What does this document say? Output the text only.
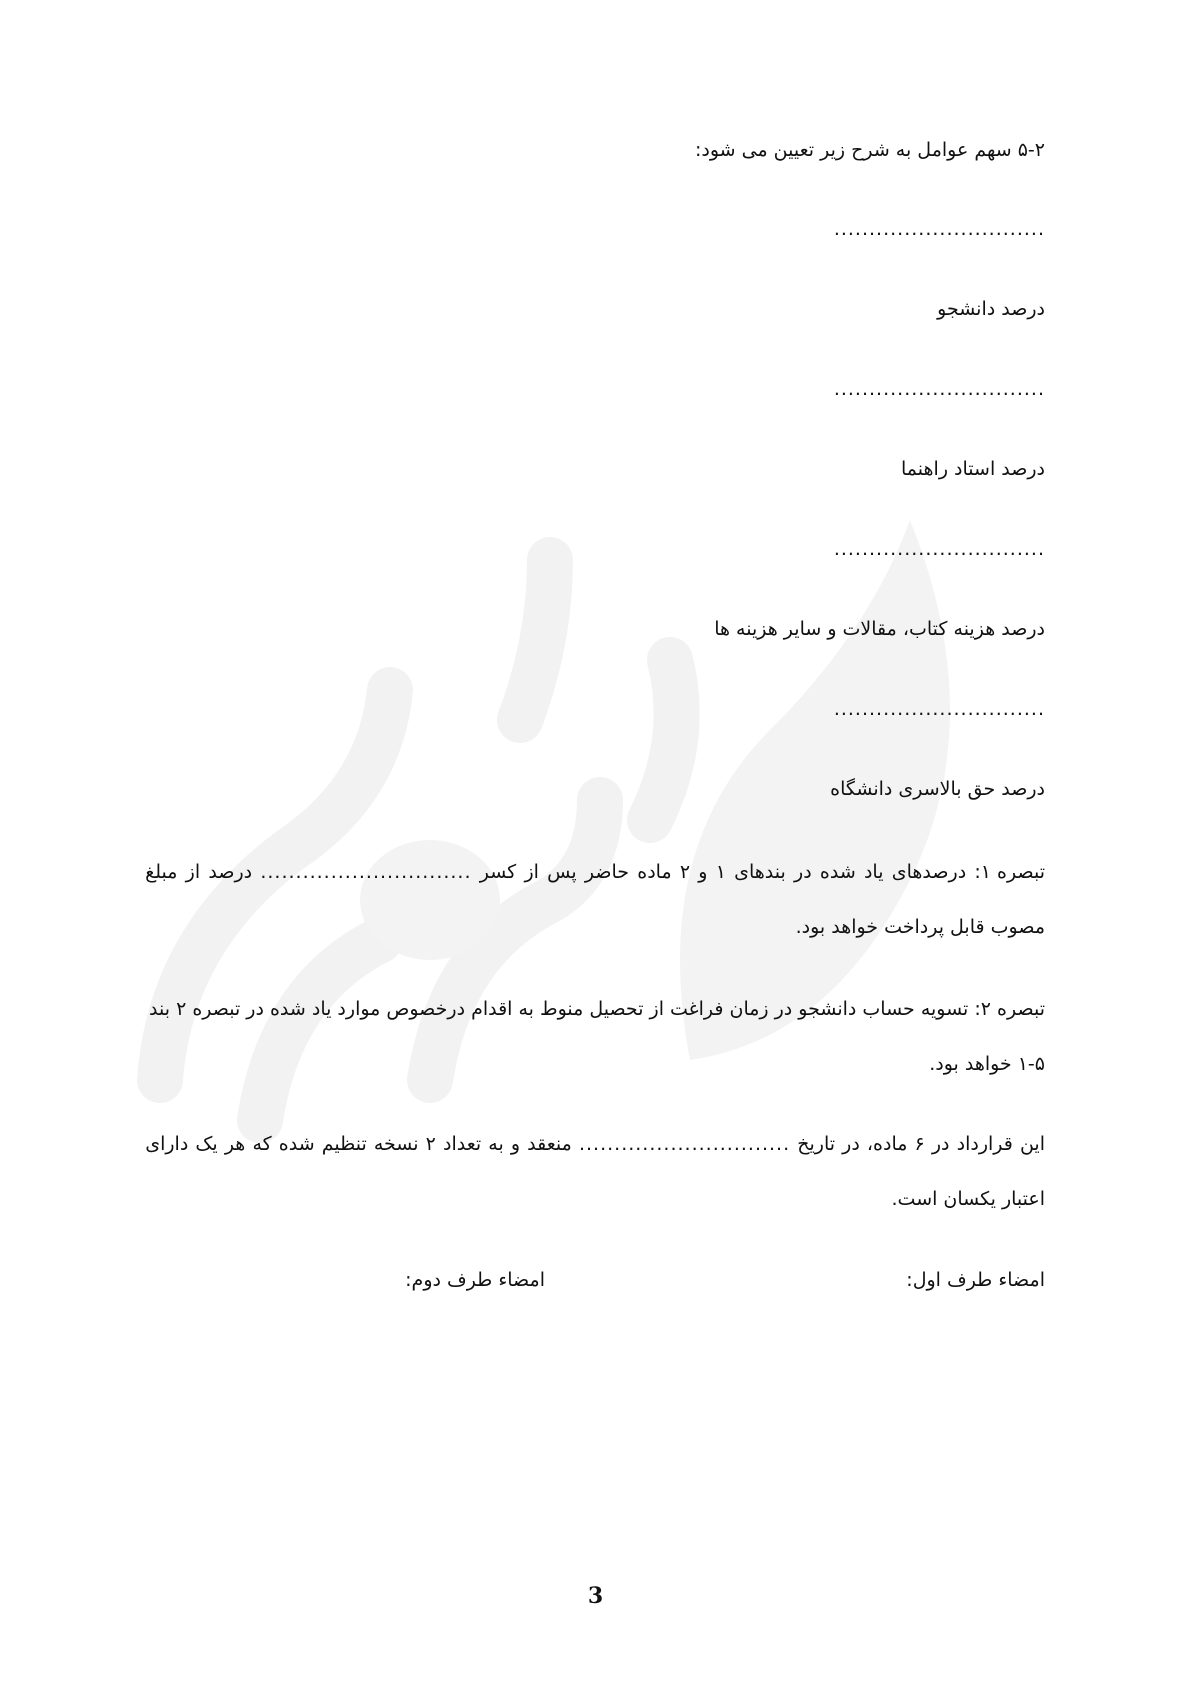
۵-۲ سهم عوامل به شرح زیر تعیین می شود:
..............................
درصد دانشجو
..............................
درصد استاد راهنما
..............................
درصد هزینه کتاب، مقالات و سایر هزینه ها
..............................
درصد حق بالاسری دانشگاه
تبصره ۱:
درصدهای
یاد
شده
در
بندهای
۱
و
۲
ماده
حاضر
پس
از
کسر
..............................
درصد
از
مبلغ
مصوب قابل پرداخت خواهد بود.
تبصره ۲: تسویه حساب دانشجو در زمان فراغت از تحصیل منوط به اقدام درخصوص موارد یاد شده در تبصره ۲ بند
۱-۵ خواهد بود.
این
قرارداد
در
۶
ماده،
در
تاریخ
..............................
منعقد
و
به
تعداد
۲
نسخه
تنظیم
شده
که
هر
یک
دارای
اعتبار یکسان است.
امضاء طرف اول:
امضاء طرف دوم:
3
